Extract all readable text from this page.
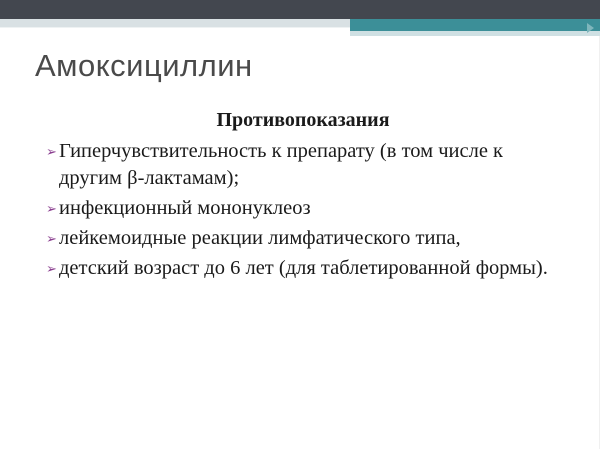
Амоксициллин
Противопоказания
➢ Гиперчувствительность к препарату (в том числе к другим β-лактамам);
➢ инфекционный мононуклеоз
➢ лейкемоидные реакции лимфатического типа,
➢ детский возраст до 6 лет (для таблетированной формы).
